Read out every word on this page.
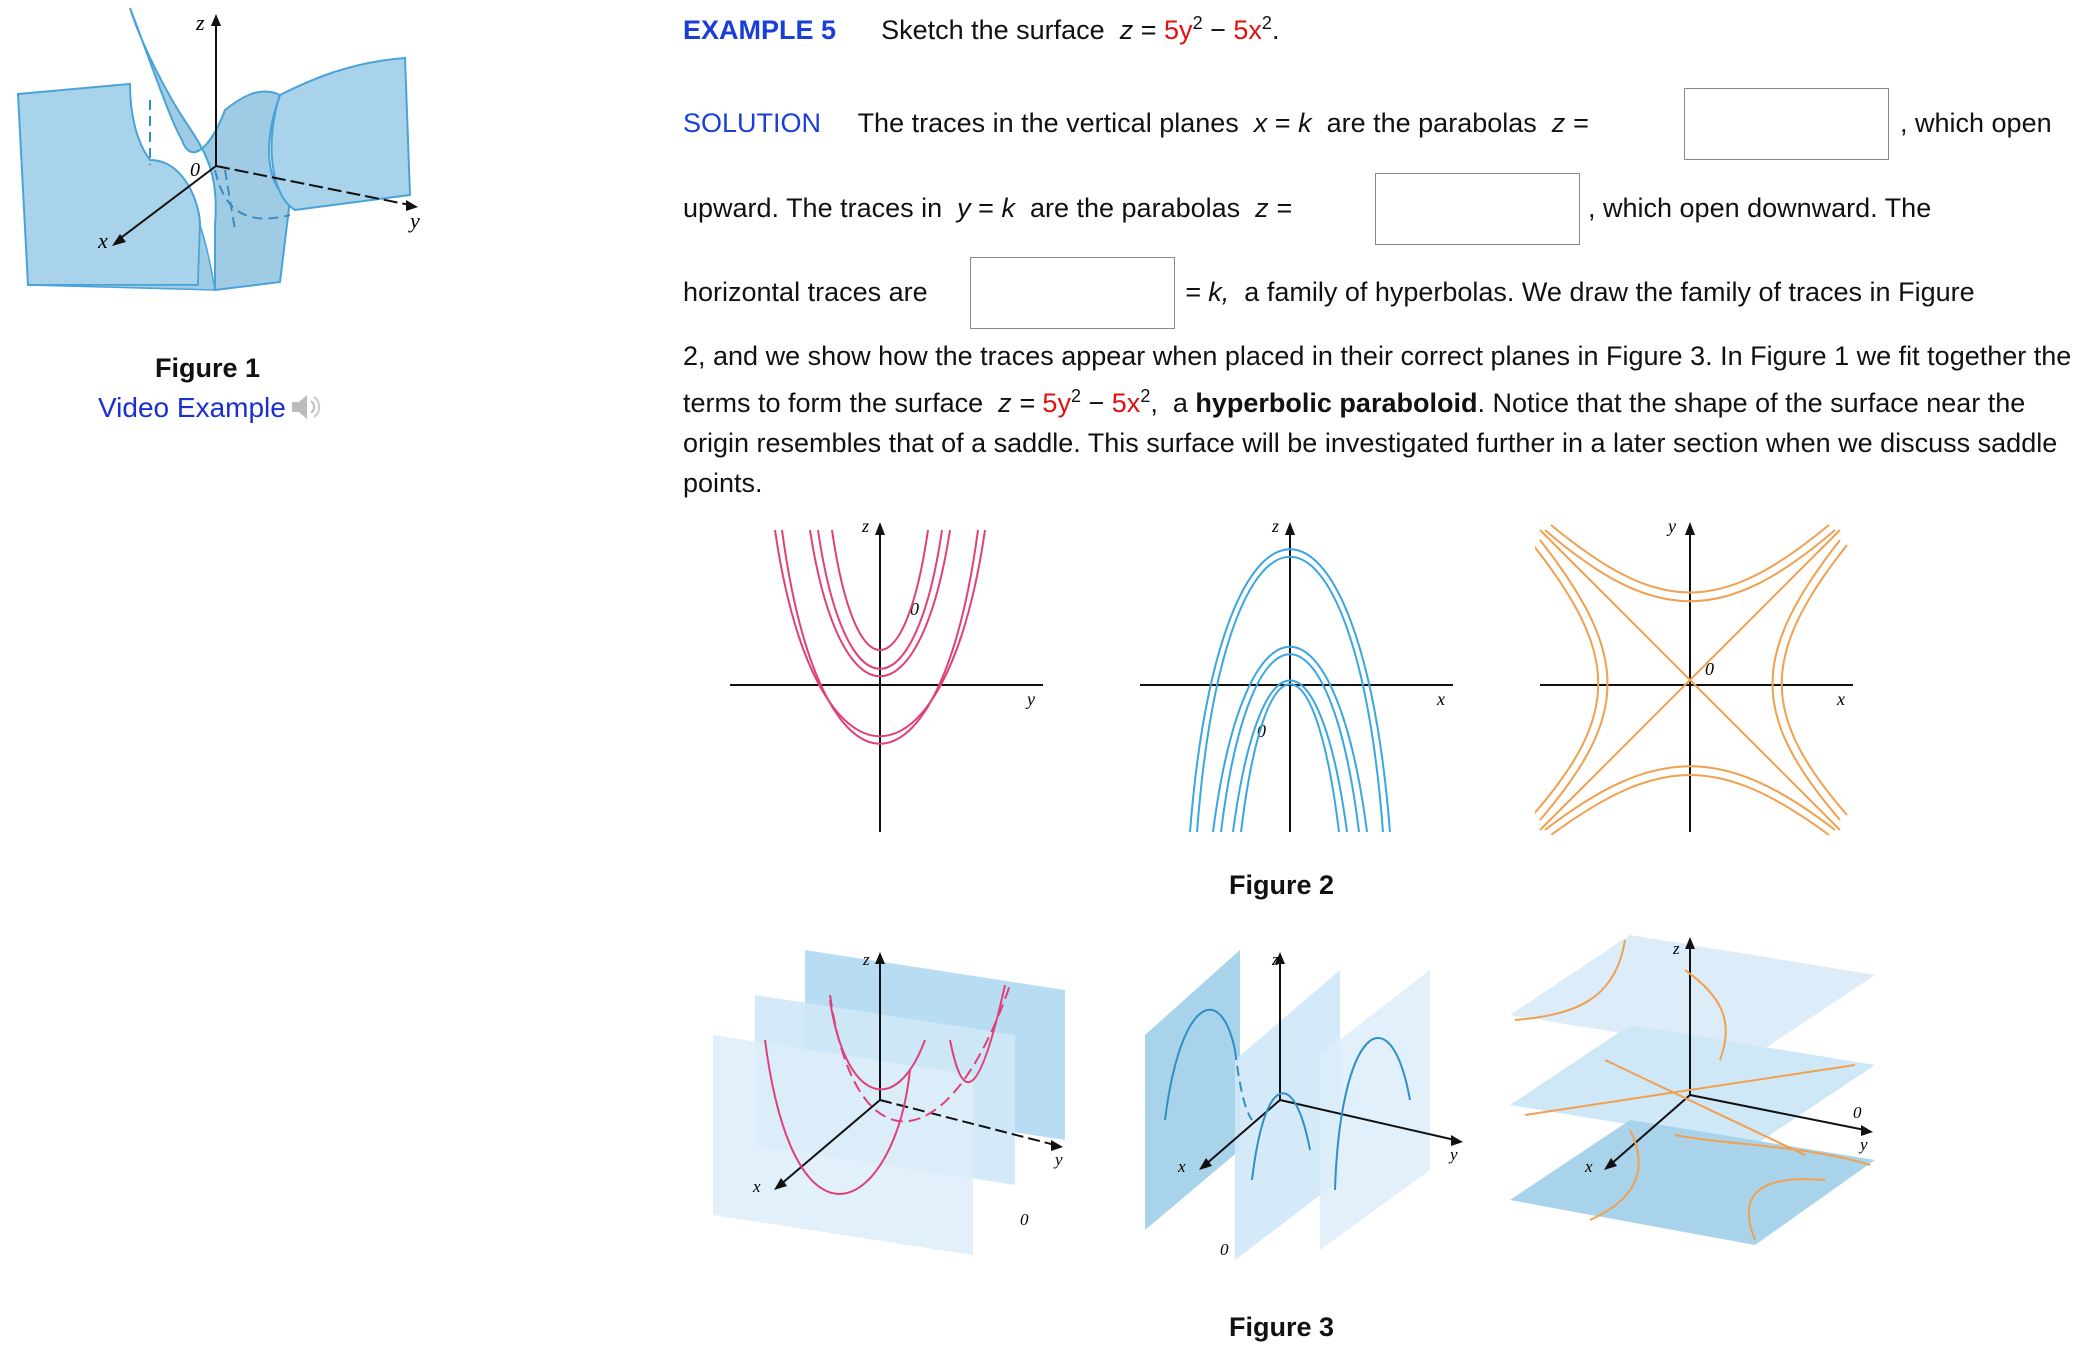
z
y
x
0
Figure 1
Video Example
EXAMPLE 5 Sketch the surface $z = 5y^2 - 5x^2$.
SOLUTION The traces in the vertical planes x = k are the parabolas z =	, which open
upward. The traces in y = k are the parabolas z =	, which open downward. The
horizontal traces are	= k, a family of hyperbolas. We draw the family of traces in Figure
2, and we show how the traces appear when placed in their correct planes in Figure 3. In Figure 1 we fit together the terms to form the surface $z = 5y^2 - 5x^2$, a hyperbolic paraboloid. Notice that the shape of the surface near the origin resembles that of a saddle. This surface will be investigated further in a later section when we discuss saddle points.
z
y
0
z
x
0
y
x
0
Figure 2
z
y
x
0
z
y
x
0
z
y
x
0
Figure 3
